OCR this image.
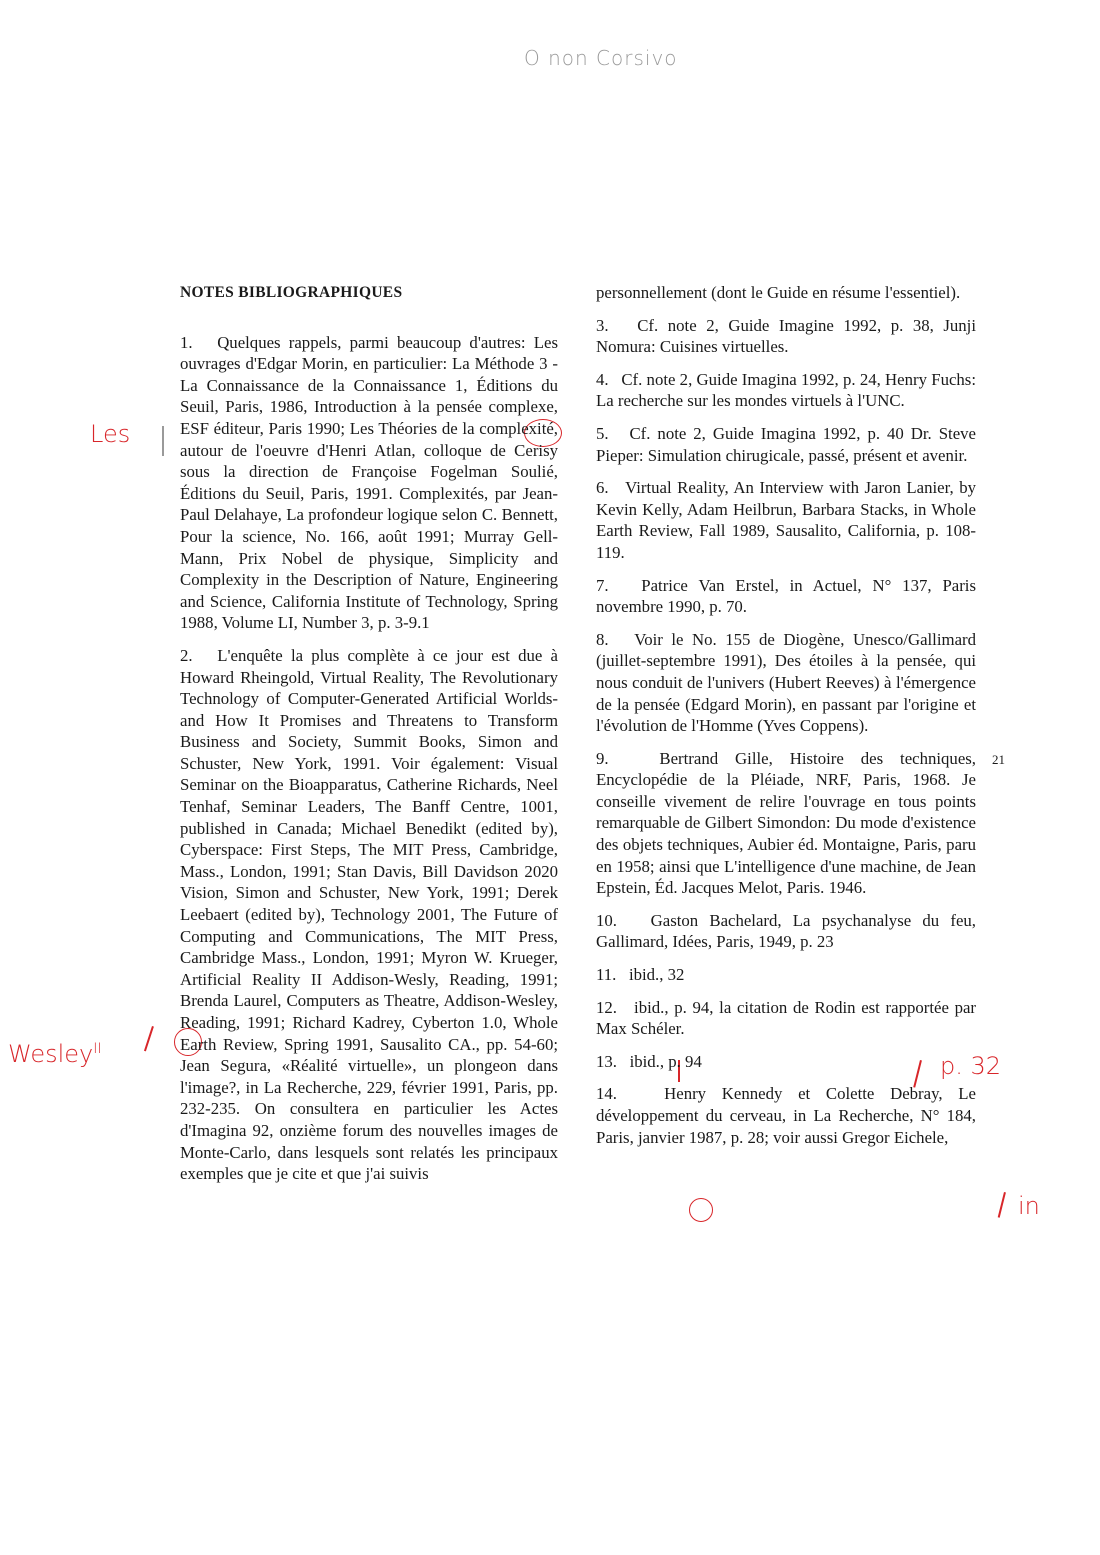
O non Corsivo
Les
Wesley$^{II}$
p. 32
in
21
NOTES BIBLIOGRAPHIQUES
1. Quelques rappels, parmi beaucoup d'autres: Les ouvrages d'Edgar Morin, en particulier: La Méthode 3 - La Connaissance de la Connaissance 1, Éditions du Seuil, Paris, 1986, Introduction à la pensée complexe, ESF éditeur, Paris 1990; Les Théories de la complexité, autour de l'oeuvre d'Henri Atlan, colloque de Cerisy sous la direction de Françoise Fogelman Soulié, Éditions du Seuil, Paris, 1991. Complexités, par Jean-Paul Delahaye, La profondeur logique selon C. Bennett, Pour la science, No. 166, août 1991; Murray Gell-Mann, Prix Nobel de physique, Simplicity and Complexity in the Description of Nature, Engineering and Science, California Institute of Technology, Spring 1988, Volume LI, Number 3, p. 3-9.1
2. L'enquête la plus complète à ce jour est due à Howard Rheingold, Virtual Reality, The Revolutionary Technology of Computer-Generated Artificial Worlds-and How It Promises and Threatens to Transform Business and Society, Summit Books, Simon and Schuster, New York, 1991. Voir également: Visual Seminar on the Bioapparatus, Catherine Richards, Neel Tenhaf, Seminar Leaders, The Banff Centre, 1001, published in Canada; Michael Benedikt (edited by), Cyberspace: First Steps, The MIT Press, Cambridge, Mass., London, 1991; Stan Davis, Bill Davidson 2020 Vision, Simon and Schuster, New York, 1991; Derek Leebaert (edited by), Technology 2001, The Future of Computing and Communications, The MIT Press, Cambridge Mass., London, 1991; Myron W. Krueger, Artificial Reality II Addison-Wesly, Reading, 1991; Brenda Laurel, Computers as Theatre, Addison-Wesley, Reading, 1991; Richard Kadrey, Cyberton 1.0, Whole Earth Review, Spring 1991, Sausalito CA., pp. 54-60; Jean Segura, «Réalité virtuelle», un plongeon dans l'image?, in La Recherche, 229, février 1991, Paris, pp. 232-235. On consultera en particulier les Actes d'Imagina 92, onzième forum des nouvelles images de Monte-Carlo, dans lesquels sont relatés les principaux exemples que je cite et que j'ai suivis
personnellement (dont le Guide en résume l'essentiel).
3. Cf. note 2, Guide Imagine 1992, p. 38, Junji Nomura: Cuisines virtuelles.
4. Cf. note 2, Guide Imagina 1992, p. 24, Henry Fuchs: La recherche sur les mondes virtuels à l'UNC.
5. Cf. note 2, Guide Imagina 1992, p. 40 Dr. Steve Pieper: Simulation chirugicale, passé, présent et avenir.
6. Virtual Reality, An Interview with Jaron Lanier, by Kevin Kelly, Adam Heilbrun, Barbara Stacks, in Whole Earth Review, Fall 1989, Sausalito, California, p. 108-119.
7. Patrice Van Erstel, in Actuel, N° 137, Paris novembre 1990, p. 70.
8. Voir le No. 155 de Diogène, Unesco/Gallimard (juillet-septembre 1991), Des étoiles à la pensée, qui nous conduit de l'univers (Hubert Reeves) à l'émergence de la pensée (Edgard Morin), en passant par l'origine et l'évolution de l'Homme (Yves Coppens).
9.	Bertrand Gille, Histoire des techniques, Encyclopédie de la Pléiade, NRF, Paris, 1968. Je conseille vivement de relire l'ouvrage en tous points remarquable de Gilbert Simondon: Du mode d'existence des objets techniques, Aubier éd. Montaigne, Paris, paru en 1958; ainsi que L'intelligence d'une machine, de Jean Epstein, Éd. Jacques Melot, Paris. 1946.
10. Gaston Bachelard, La psychanalyse du feu, Gallimard, Idées, Paris, 1949, p. 23
11. ibid., 32
12. ibid., p. 94, la citation de Rodin est rapportée par Max Schéler.
13. ibid., p. 94
14.	Henry Kennedy et Colette Debray, Le développement du cerveau, in La Recherche, N° 184, Paris, janvier 1987, p. 28; voir aussi Gregor Eichele,
